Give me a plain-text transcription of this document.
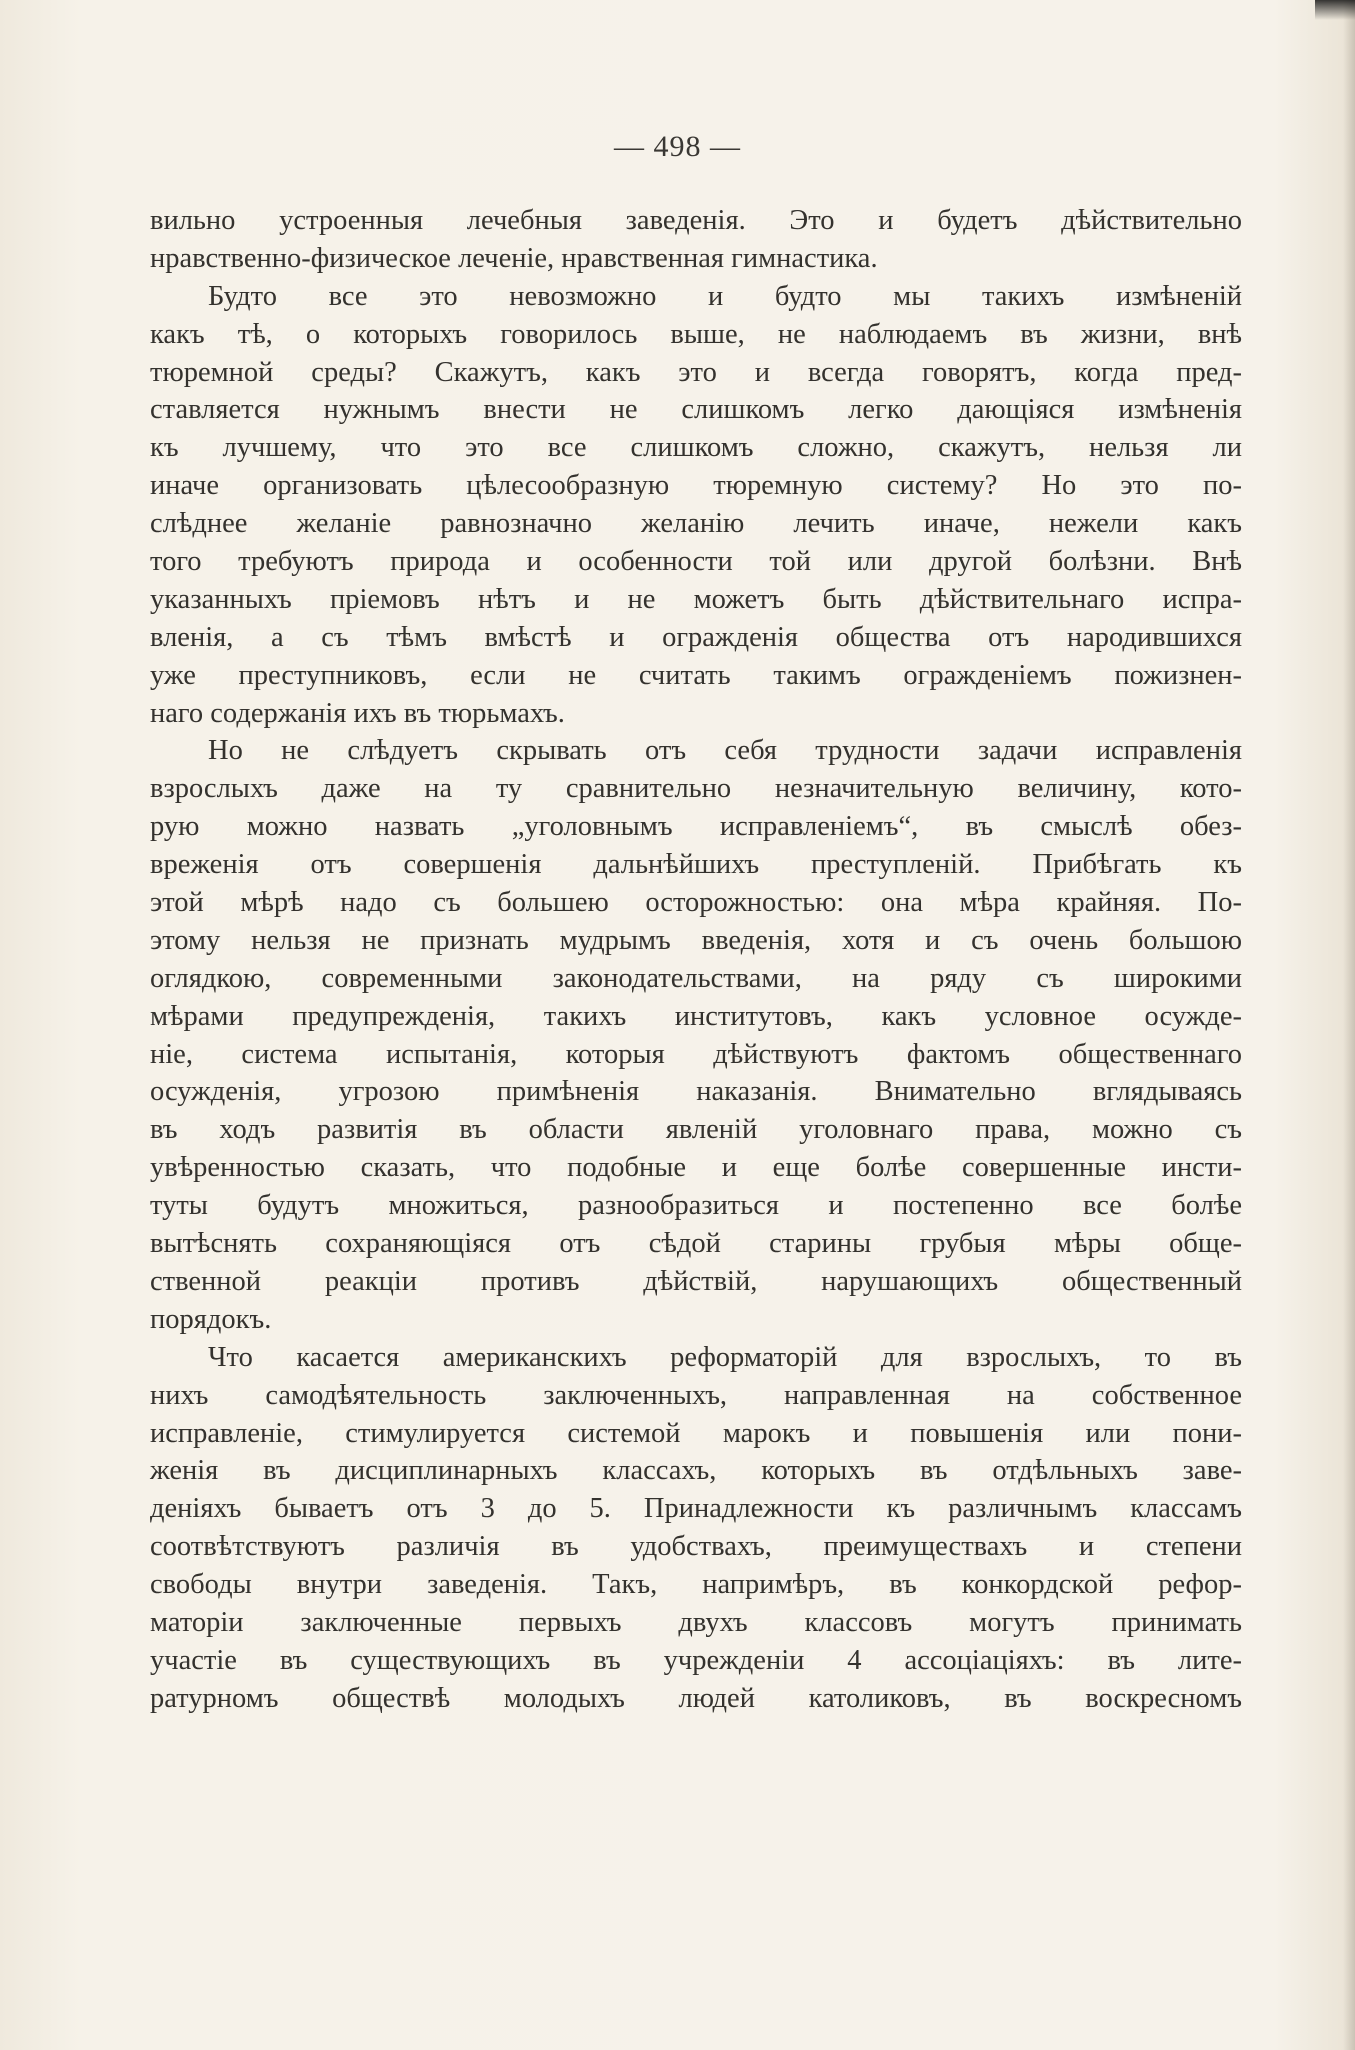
— 498 —
вильно устроенныя лечебныя заведенія. Это и будетъ дѣйствительно
нравственно-физическое леченіе, нравственная гимнастика.
Будто все это невозможно и будто мы такихъ измѣненій
какъ тѣ, о которыхъ говорилось выше, не наблюдаемъ въ жизни, внѣ
тюремной среды? Скажутъ, какъ это и всегда говорятъ, когда пред-
ставляется нужнымъ внести не слишкомъ легко дающіяся измѣненія
къ лучшему, что это все слишкомъ сложно, скажутъ, нельзя ли
иначе организовать цѣлесообразную тюремную систему? Но это по-
слѣднее желаніе равнозначно желанію лечить иначе, нежели какъ
того требуютъ природа и особенности той или другой болѣзни. Внѣ
указанныхъ пріемовъ нѣтъ и не можетъ быть дѣйствительнаго испра-
вленія, а съ тѣмъ вмѣстѣ и огражденія общества отъ народившихся
уже преступниковъ, если не считать такимъ огражденіемъ пожизнен-
наго содержанія ихъ въ тюрьмахъ.
Но не слѣдуетъ скрывать отъ себя трудности задачи исправленія
взрослыхъ даже на ту сравнительно незначительную величину, кото-
рую можно назвать „уголовнымъ исправленіемъ“, въ смыслѣ обез-
вреженія отъ совершенія дальнѣйшихъ преступленій. Прибѣгать къ
этой мѣрѣ надо съ большею осторожностью: она мѣра крайняя. По-
этому нельзя не признать мудрымъ введенія, хотя и съ очень большою
оглядкою, современными законодательствами, на ряду съ широкими
мѣрами предупрежденія, такихъ институтовъ, какъ условное осужде-
ніе, система испытанія, которыя дѣйствуютъ фактомъ общественнаго
осужденія, угрозою примѣненія наказанія. Внимательно вглядываясь
въ ходъ развитія въ области явленій уголовнаго права, можно съ
увѣренностью сказать, что подобные и еще болѣе совершенные инсти-
туты будутъ множиться, разнообразиться и постепенно все болѣе
вытѣснять сохраняющіяся отъ сѣдой старины грубыя мѣры обще-
ственной реакціи противъ дѣйствій, нарушающихъ общественный
порядокъ.
Что касается американскихъ реформаторій для взрослыхъ, то въ
нихъ самодѣятельность заключенныхъ, направленная на собственное
исправленіе, стимулируется системой марокъ и повышенія или пони-
женія въ дисциплинарныхъ классахъ, которыхъ въ отдѣльныхъ заве-
деніяхъ бываетъ отъ 3 до 5. Принадлежности къ различнымъ классамъ
соотвѣтствуютъ различія въ удобствахъ, преимуществахъ и степени
свободы внутри заведенія. Такъ, напримѣръ, въ конкордской рефор-
маторіи заключенные первыхъ двухъ классовъ могутъ принимать
участіе въ существующихъ въ учрежденіи 4 ассоціаціяхъ: въ лите-
ратурномъ обществѣ молодыхъ людей католиковъ, въ воскресномъ
